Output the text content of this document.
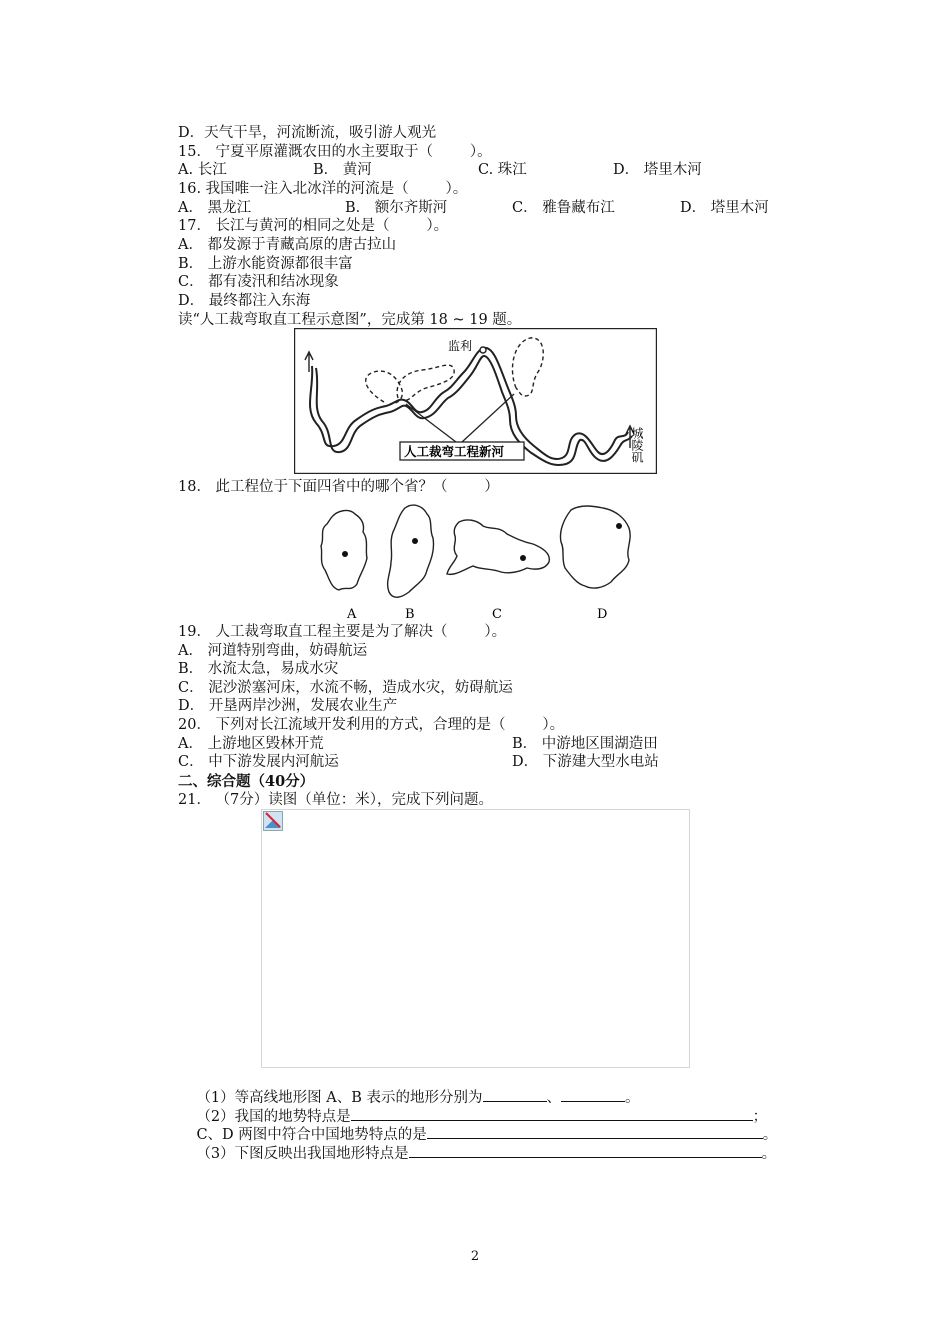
D．天气干旱，河流断流，吸引游人观光
15． 宁夏平原灌溉农田的水主要取于（        ）。
A. 长江	B． 黄河	C. 珠江	D． 塔里木河
16. 我国唯一注入北冰洋的河流是（        ）。
A． 黑龙江	B． 额尔齐斯河	C． 雅鲁藏布江	D． 塔里木河
17． 长江与黄河的相同之处是（        ）。
A． 都发源于青藏高原的唐古拉山
B． 上游水能资源都很丰富
C． 都有凌汛和结冰现象
D． 最终都注入东海
读“人工裁弯取直工程示意图”，完成第 18 ~ 19 题。
监利
人工裁弯工程新河	城陵矶
18． 此工程位于下面四省中的哪个省？（        ）
A	B	C	D
19． 人工裁弯取直工程主要是为了解决（        ）。
A． 河道特别弯曲，妨碍航运
B． 水流太急，易成水灾
C． 泥沙淤塞河床，水流不畅，造成水灾，妨碍航运
D． 开垦两岸沙洲，发展农业生产
20． 下列对长江流域开发利用的方式，合理的是（        ）。
A． 上游地区毁林开荒	B． 中游地区围湖造田
C． 中下游发展内河航运	D． 下游建大型水电站
二、综合题（40分）
21． （7分）读图（单位：米），完成下列问题。

（1）等高线地形图 A、B 表示的地形分别为	、	。

（2）我国的地势特点是	；

C、D 两图中符合中国地势特点的是	。

（3）下图反映出我国地形特点是	。

2
